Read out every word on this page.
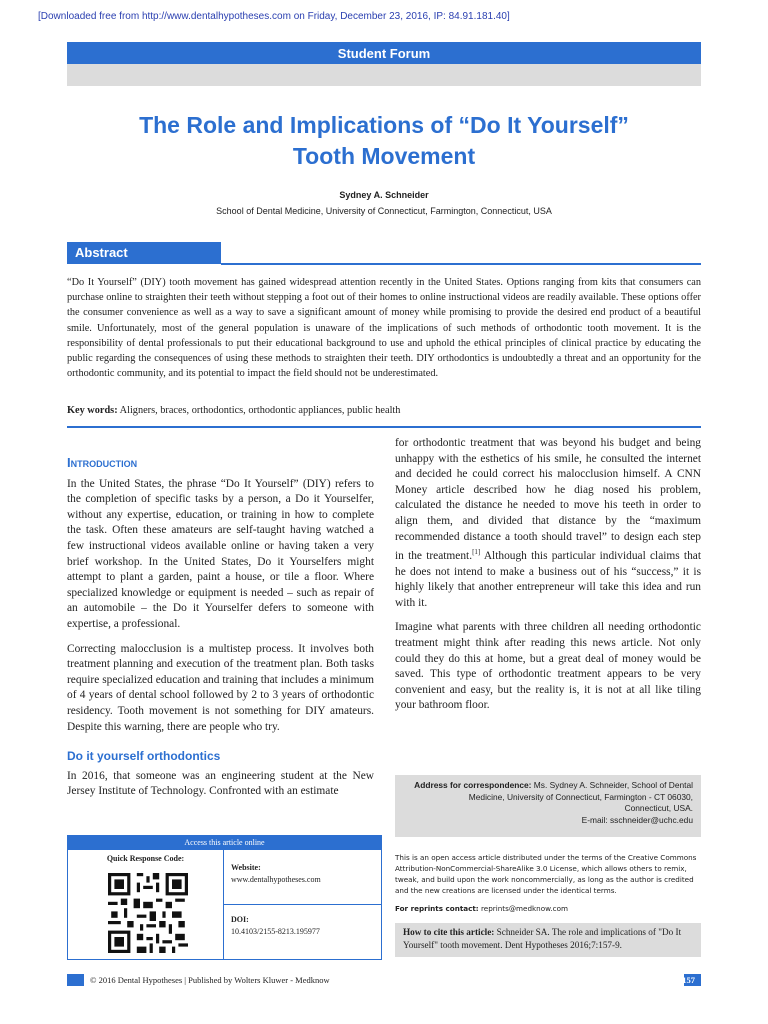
[Downloaded free from http://www.dentalhypotheses.com on Friday, December 23, 2016, IP: 84.91.181.40]
Student Forum
The Role and Implications of “Do It Yourself”
Tooth Movement
Sydney A. Schneider
School of Dental Medicine, University of Connecticut, Farmington, Connecticut, USA
Abstract
“Do It Yourself” (DIY) tooth movement has gained widespread attention recently in the United States. Options ranging from kits that consumers can purchase online to straighten their teeth without stepping a foot out of their homes to online instructional videos are readily available. These options offer the consumer convenience as well as a way to save a significant amount of money while promising to provide the desired end product of a beautiful smile. Unfortunately, most of the general population is unaware of the implications of such methods of orthodontic tooth movement. It is the responsibility of dental professionals to put their educational background to use and uphold the ethical principles of clinical practice by educating the public regarding the consequences of using these methods to straighten their teeth. DIY orthodontics is undoubtedly a threat and an opportunity for the orthodontic community, and its potential to impact the field should not be underestimated.
Key words: Aligners, braces, orthodontics, orthodontic appliances, public health
Introduction

In the United States, the phrase “Do It Yourself” (DIY) refers to the completion of specific tasks by a person, a Do it Yourselfer, without any expertise, education, or training in how to complete the task. Often these amateurs are self-taught having watched a few instructional videos available online or having taken a very brief workshop. In the United States, Do it Yourselfers might attempt to plant a garden, paint a house, or tile a floor. Where specialized knowledge or equipment is needed – such as repair of an automobile – the Do it Yourselfer defers to someone with expertise, a professional.

Correcting malocclusion is a multistep process. It involves both treatment planning and execution of the treatment plan. Both tasks require specialized education and training that includes a minimum of 4 years of dental school followed by 2 to 3 years of orthodontic residency. Tooth movement is not something for DIY amateurs. Despite this warning, there are people who try.

Do it yourself orthodontics

In 2016, that someone was an engineering student at the New Jersey Institute of Technology. Confronted with an estimate

for orthodontic treatment that was beyond his budget and being unhappy with the esthetics of his smile, he consulted the internet and decided he could correct his malocclusion himself. A CNN Money article described how he diag nosed his problem, calculated the distance he needed to move his teeth in order to align them, and divided that distance by the “maximum recommended distance a tooth should travel” to design each step in the treatment.[1] Although this particular individual claims that he does not intend to make a business out of his “success,” it is highly likely that another entrepreneur will take this idea and run with it.

Imagine what parents with three children all needing orthodontic treatment might think after reading this news article. Not only could they do this at home, but a great deal of money would be saved. This type of orthodontic treatment appears to be very convenient and easy, but the reality is, it is not at all like tiling your bathroom floor.

Address for correspondence: Ms. Sydney A. Schneider, School of Dental
Medicine, University of Connecticut, Farmington - CT 06030,
Connecticut, USA.
E-mail: sschneider@uchc.edu
This is an open access article distributed under the terms of the Creative Commons Attribution-NonCommercial-ShareAlike 3.0 License, which allows others to remix, tweak, and build upon the work noncommercially, as long as the author is credited and the new creations are licensed under the identical terms.
For reprints contact: reprints@medknow.com
How to cite this article: Schneider SA. The role and implications of "Do It Yourself" tooth movement. Dent Hypotheses 2016;7:157-9.
Access this article online
Quick Response Code:
Website:
www.dentalhypotheses.com
DOI:
10.4103/2155-8213.195977
© 2016 Dental Hypotheses | Published by Wolters Kluwer - Medknow	157
